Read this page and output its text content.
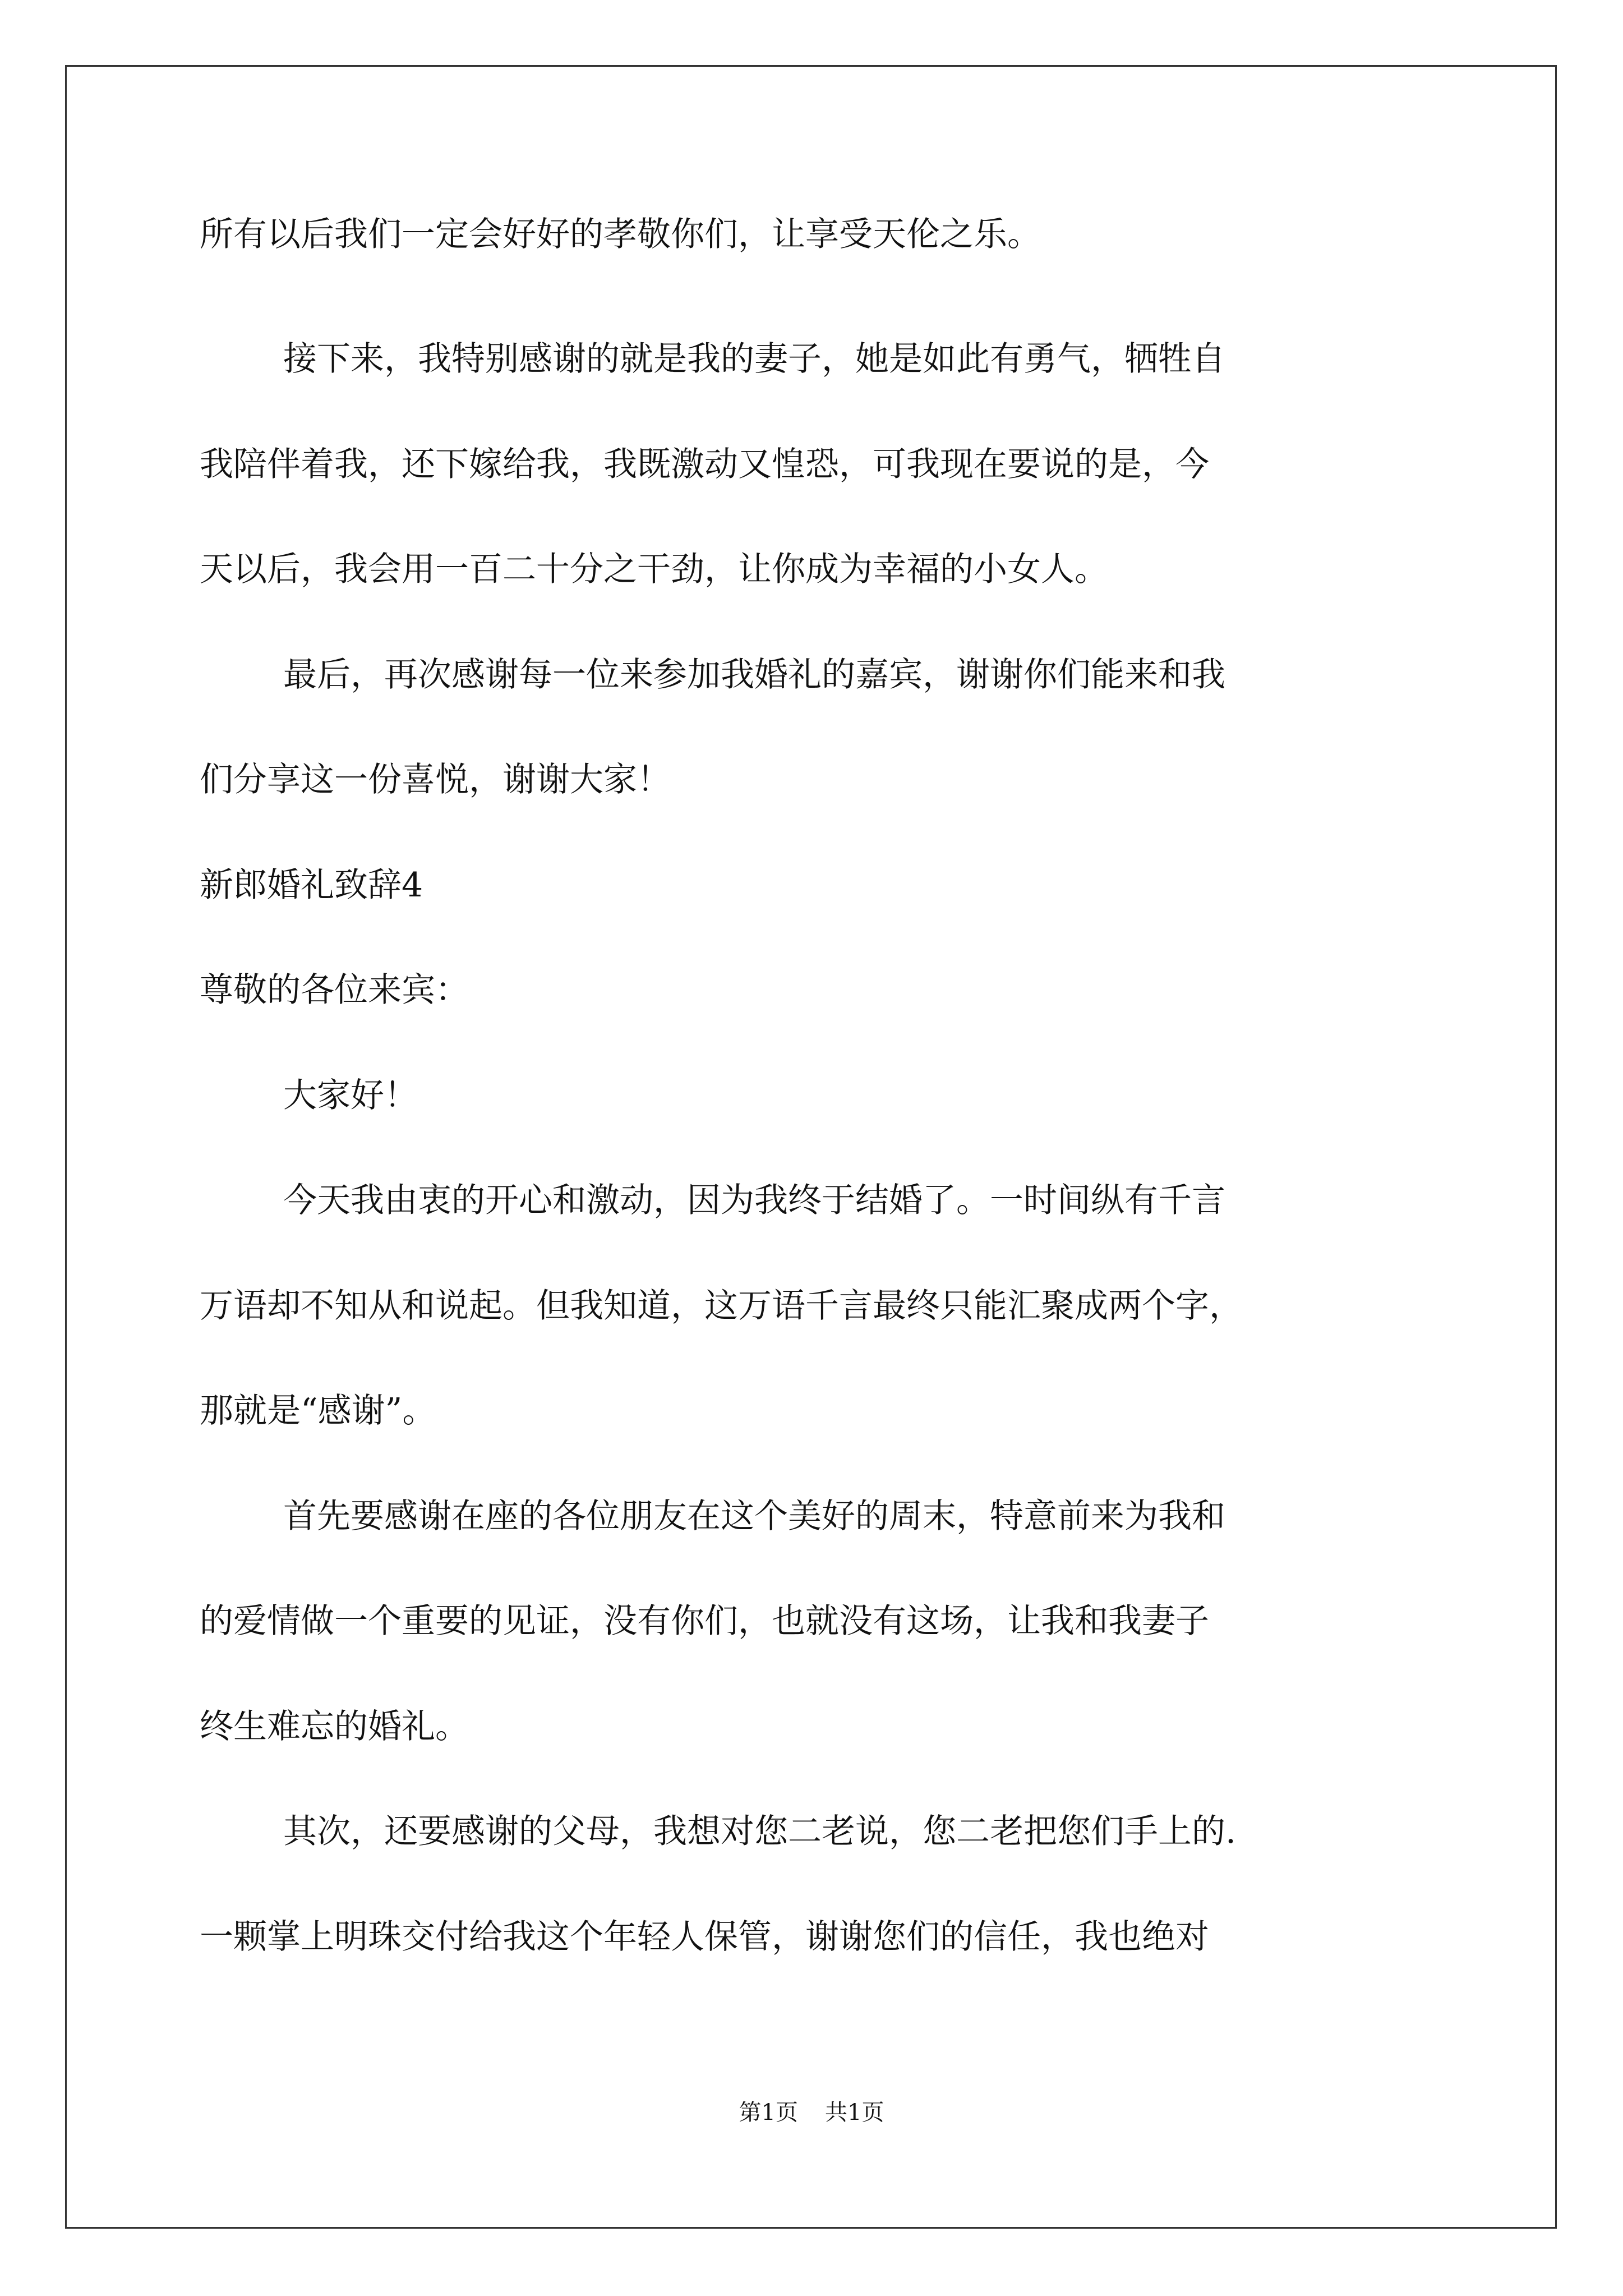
所有以后我们一定会好好的孝敬你们，让享受天伦之乐。
接下来，我特别感谢的就是我的妻子，她是如此有勇气，牺牲自
我陪伴着我，还下嫁给我，我既激动又惶恐，可我现在要说的是，今
天以后，我会用一百二十分之干劲，让你成为幸福的小女人。
最后，再次感谢每一位来参加我婚礼的嘉宾，谢谢你们能来和我
们分享这一份喜悦，谢谢大家！
新郎婚礼致辞4
尊敬的各位来宾：
大家好！
今天我由衷的开心和激动，因为我终于结婚了。一时间纵有千言
万语却不知从和说起。但我知道，这万语千言最终只能汇聚成两个字，
那就是“感谢”。
首先要感谢在座的各位朋友在这个美好的周末，特意前来为我和
的爱情做一个重要的见证，没有你们，也就没有这场，让我和我妻子
终生难忘的婚礼。
其次，还要感谢的父母，我想对您二老说，您二老把您们手上的.
一颗掌上明珠交付给我这个年轻人保管，谢谢您们的信任，我也绝对
第1页 共1页
